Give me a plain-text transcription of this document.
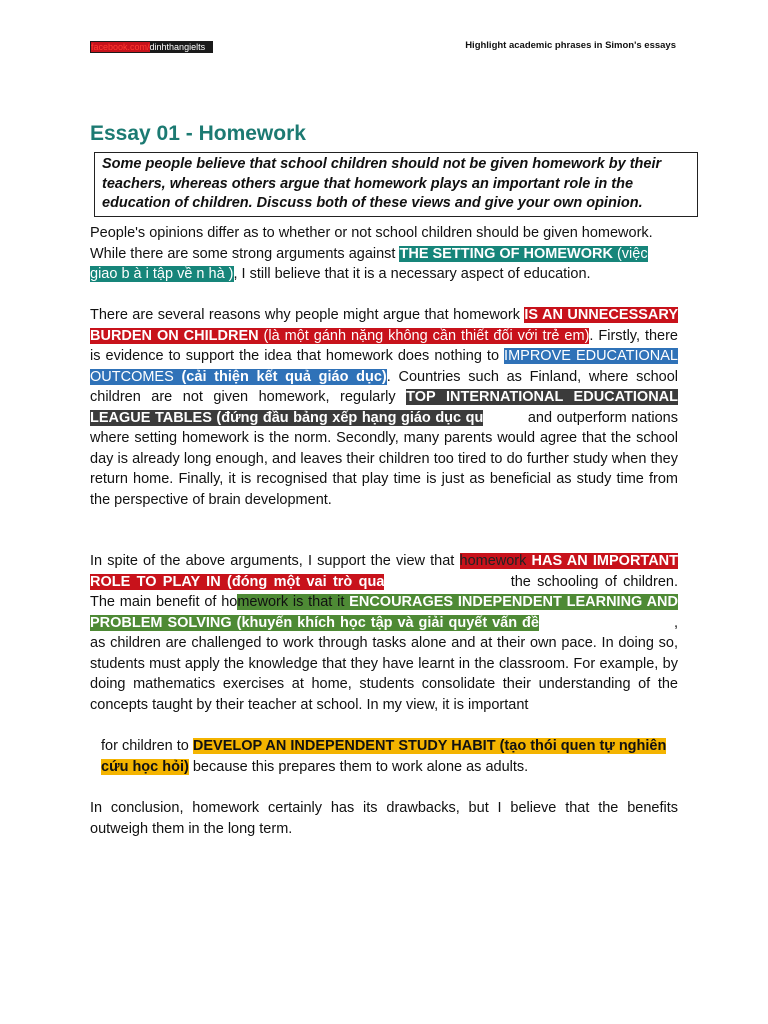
facebook.com/dinhthangielts	Highlight academic phrases in Simon's essays
Essay 01 - Homework
Some people believe that school children should not be given homework by their teachers, whereas others argue that homework plays an important role in the education of children. Discuss both of these views and give your own opinion.

People's opinions differ as to whether or not school children should be given homework. While there are some strong arguments against THE SETTING OF HOMEWORK (việc giao b à i tập về n hà ), I still believe that it is a necessary aspect of education.

There are several reasons why people might argue that homework IS AN UNNECESSARY BURDEN ON CHILDREN (là một gánh nặng không cần thiết đối với trẻ em). Firstly, there is evidence to support the idea that homework does nothing to IMPROVE EDUCATIONAL OUTCOMES (cải thiện kết quả giáo dục). Countries such as Finland, where school children are not given homework, regularly TOP INTERNATIONAL EDUCATIONAL LEAGUE TABLES (đứng đầu bảng xếp hạng giáo dục qu	and outperform nations where setting homework is the norm. Secondly, many parents would agree that the school day is already long enough, and leaves their children too tired to do further study when they return home. Finally, it is recognised that play time is just as beneficial as study time from the perspective of brain development.

In spite of the above arguments, I support the view that homework HAS AN IMPORTANT ROLE TO PLAY IN (đóng một vai trò qua	the schooling of children. The main benefit of homework is that it ENCOURAGES INDEPENDENT LEARNING AND PROBLEM SOLVING (khuyến khích học tập và giải quyết vấn đề	, as children are challenged to work through tasks alone and at their own pace. In doing so, students must apply the knowledge that they have learnt in the classroom. For example, by doing mathematics exercises at home, students consolidate their understanding of the concepts taught by their teacher at school. In my view, it is important

for children to DEVELOP AN INDEPENDENT STUDY HABIT (tạo thói quen tự nghiên cứu học hỏi) because this prepares them to work alone as adults.

In conclusion, homework certainly has its drawbacks, but I believe that the benefits outweigh them in the long term.
